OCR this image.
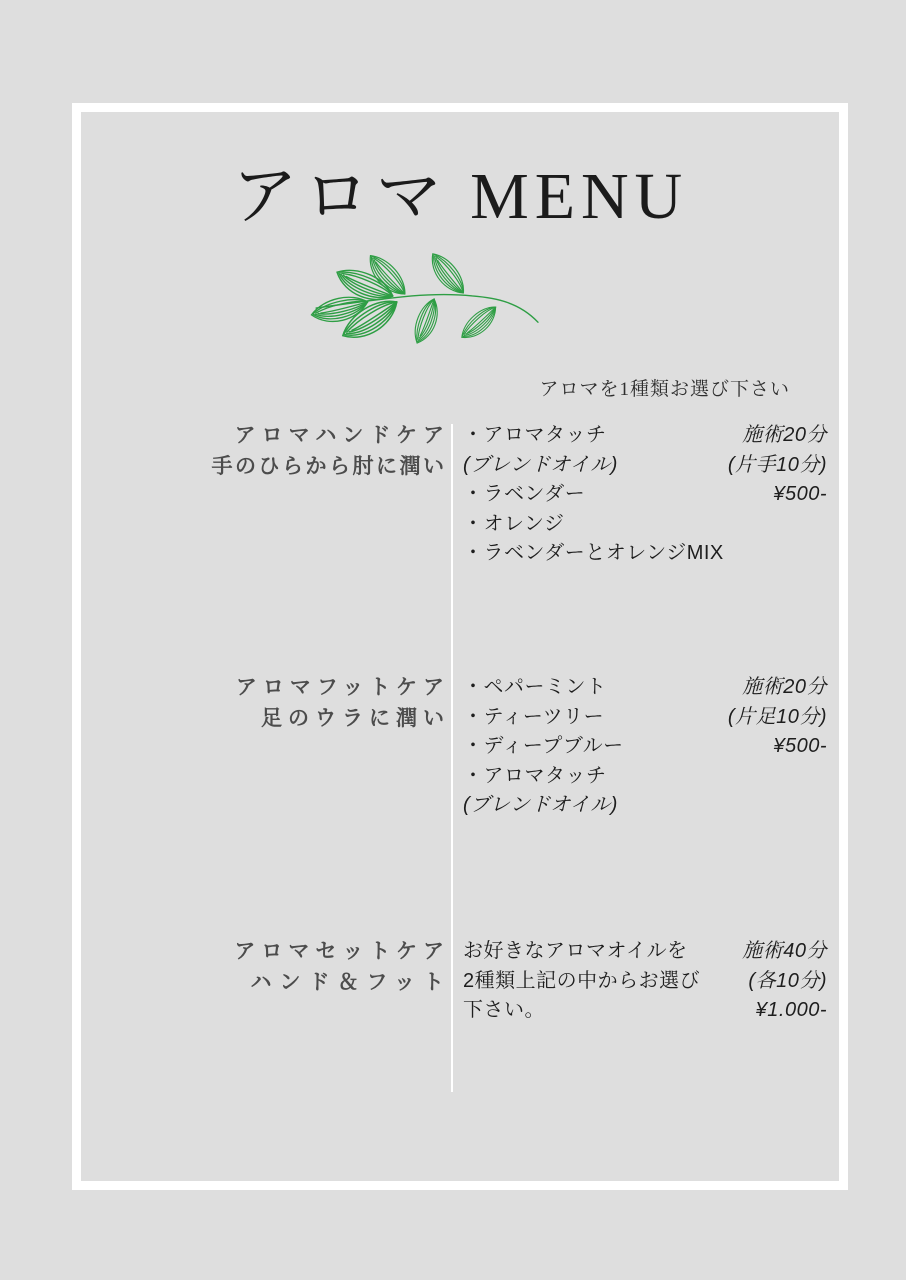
アロマ MENU
アロマを1種類お選び下さい
アロマハンドケア
手のひらから肘に潤い
・アロマタッチ	施術20分
(ブレンドオイル)	(片手10分)
・ラベンダー	¥500-
・オレンジ
・ラベンダーとオレンジMIX
アロマフットケア
足のウラに潤い
・ペパーミント	施術20分
・ティーツリー	(片足10分)
・ディープブルー	¥500-
・アロマタッチ
(ブレンドオイル)
アロマセットケア
ハンド＆フット
お好きなアロマオイルを	施術40分
2種類上記の中からお選び (各10分)
下さい。	¥1.000-
